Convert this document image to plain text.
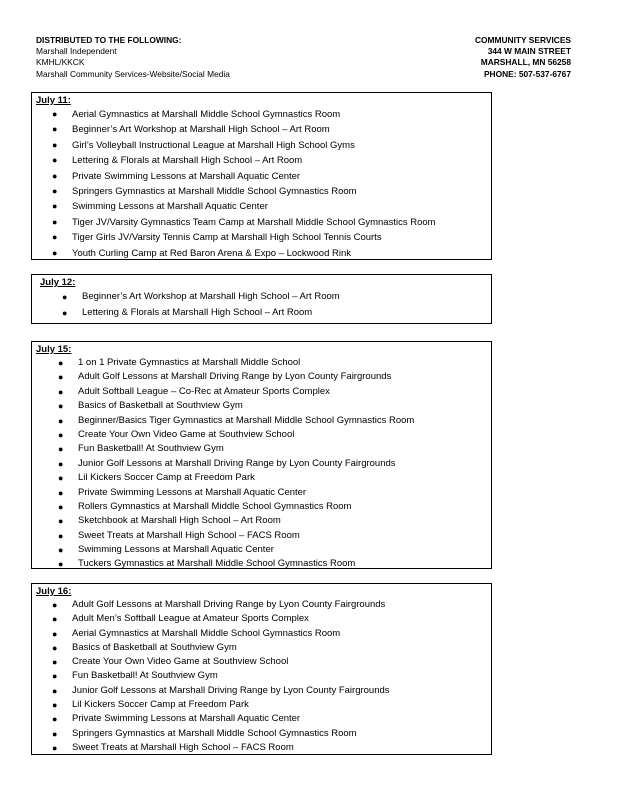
DISTRIBUTED TO THE FOLLOWING:
Marshall Independent
KMHL/KKCK
Marshall Community Services-Website/Social Media
COMMUNITY SERVICES
344 W MAIN STREET
MARSHALL, MN 56258
PHONE: 507-537-6767
July 11:
● Aerial Gymnastics at Marshall Middle School Gymnastics Room
● Beginner’s Art Workshop at Marshall High School – Art Room
● Girl’s Volleyball Instructional League at Marshall High School Gyms
● Lettering & Florals at Marshall High School – Art Room
● Private Swimming Lessons at Marshall Aquatic Center
● Springers Gymnastics at Marshall Middle School Gymnastics Room
● Swimming Lessons at Marshall Aquatic Center
● Tiger JV/Varsity Gymnastics Team Camp at Marshall Middle School Gymnastics Room
● Tiger Girls JV/Varsity Tennis Camp at Marshall High School Tennis Courts
● Youth Curling Camp at Red Baron Arena & Expo – Lockwood Rink
July 12:
● Beginner’s Art Workshop at Marshall High School – Art Room
● Lettering & Florals at Marshall High School – Art Room
July 15:
● 1 on 1 Private Gymnastics at Marshall Middle School
● Adult Golf Lessons at Marshall Driving Range by Lyon County Fairgrounds
● Adult Softball League – Co-Rec at Amateur Sports Complex
● Basics of Basketball at Southview Gym
● Beginner/Basics Tiger Gymnastics at Marshall Middle School Gymnastics Room
● Create Your Own Video Game at Southview School
● Fun Basketball! At Southview Gym
● Junior Golf Lessons at Marshall Driving Range by Lyon County Fairgrounds
● Lil Kickers Soccer Camp at Freedom Park
● Private Swimming Lessons at Marshall Aquatic Center
● Rollers Gymnastics at Marshall Middle School Gymnastics Room
● Sketchbook at Marshall High School – Art Room
● Sweet Treats at Marshall High School – FACS Room
● Swimming Lessons at Marshall Aquatic Center
● Tuckers Gymnastics at Marshall Middle School Gymnastics Room
July 16:
● Adult Golf Lessons at Marshall Driving Range by Lyon County Fairgrounds
● Adult Men’s Softball League at Amateur Sports Complex
● Aerial Gymnastics at Marshall Middle School Gymnastics Room
● Basics of Basketball at Southview Gym
● Create Your Own Video Game at Southview School
● Fun Basketball! At Southview Gym
● Junior Golf Lessons at Marshall Driving Range by Lyon County Fairgrounds
● Lil Kickers Soccer Camp at Freedom Park
● Private Swimming Lessons at Marshall Aquatic Center
● Springers Gymnastics at Marshall Middle School Gymnastics Room
● Sweet Treats at Marshall High School – FACS Room
